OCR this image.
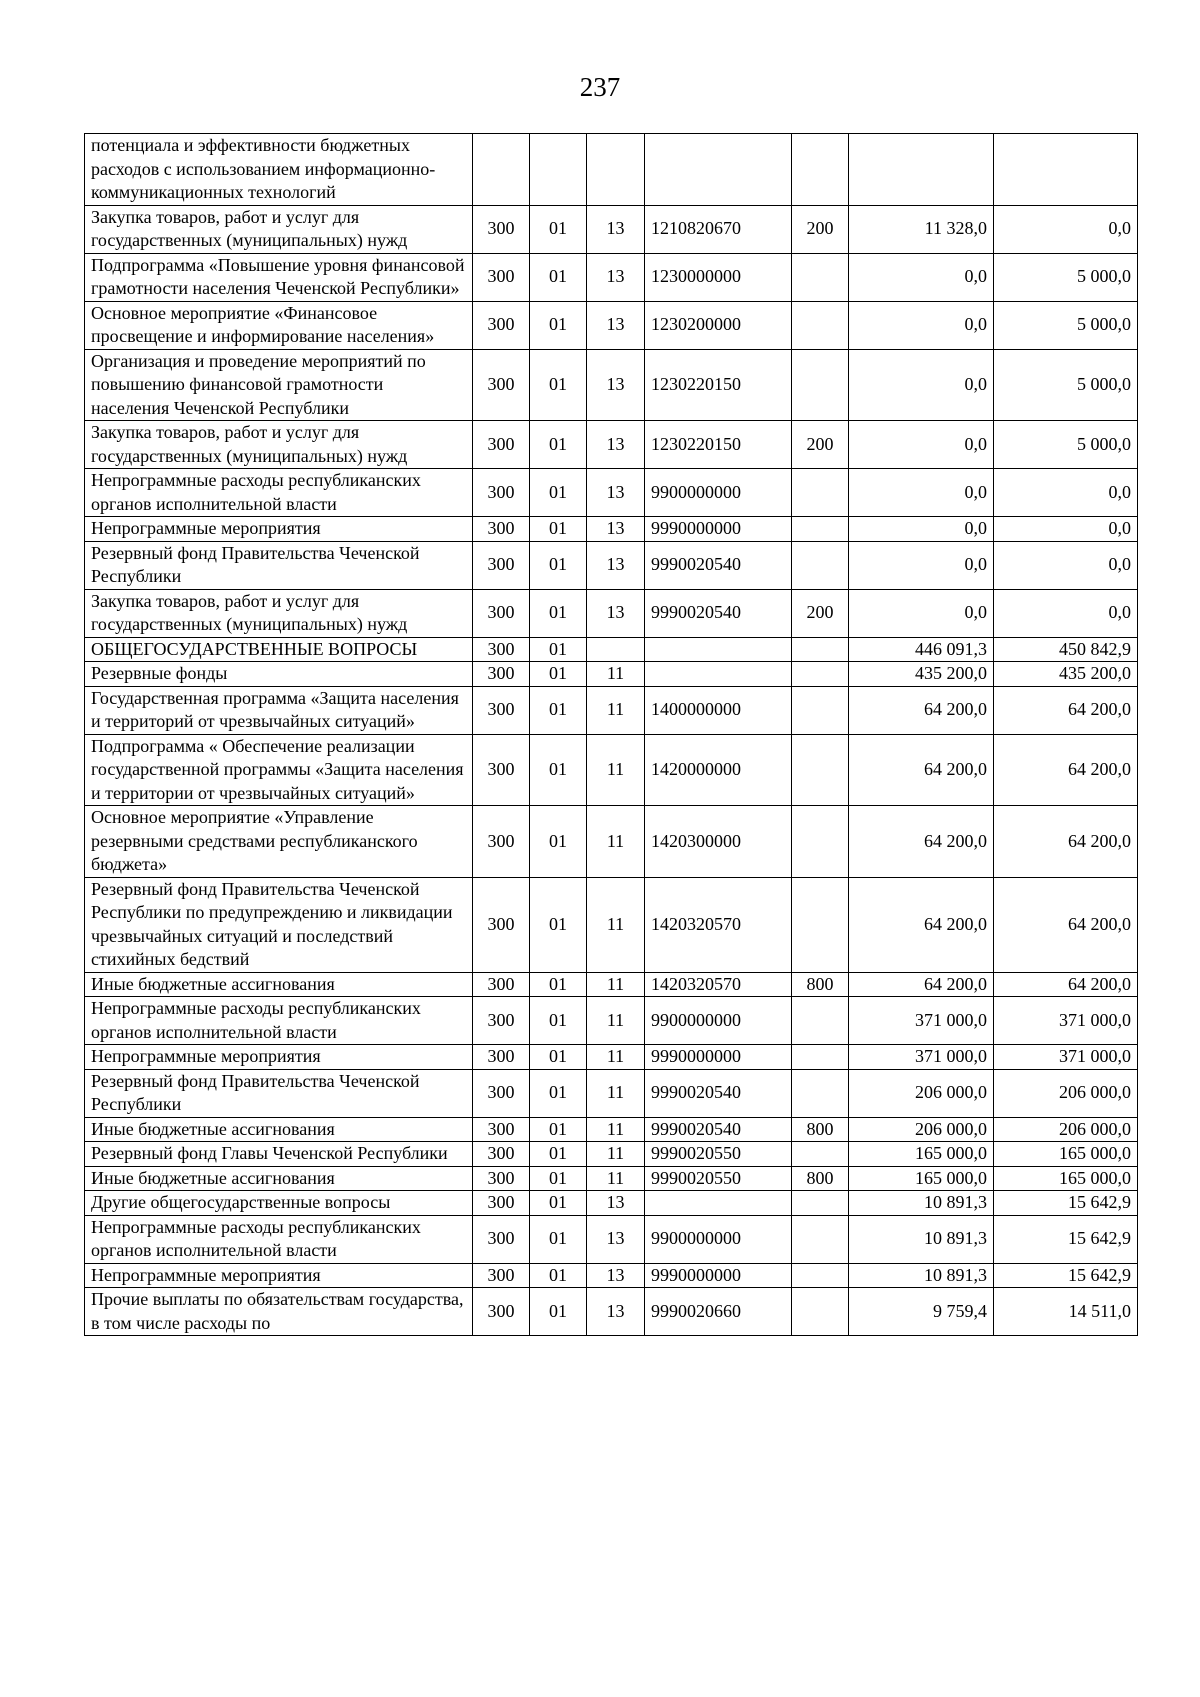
237
потенциала и эффективности бюджетных расходов с использованием информационно-коммуникационных технологий							
Закупка товаров, работ и услуг для государственных (муниципальных) нужд	300	01	13	1210820670	200	11 328,0	0,0
Подпрограмма «Повышение уровня финансовой грамотности населения Чеченской Республики»	300	01	13	1230000000		0,0	5 000,0
Основное мероприятие «Финансовое просвещение и информирование населения»	300	01	13	1230200000		0,0	5 000,0
Организация и проведение мероприятий по повышению финансовой грамотности населения Чеченской Республики	300	01	13	1230220150		0,0	5 000,0
Закупка товаров, работ и услуг для государственных (муниципальных) нужд	300	01	13	1230220150	200	0,0	5 000,0
Непрограммные расходы республиканских органов исполнительной власти	300	01	13	9900000000		0,0	0,0
Непрограммные мероприятия	300	01	13	9990000000		0,0	0,0
Резервный фонд Правительства Чеченской Республики	300	01	13	9990020540		0,0	0,0
Закупка товаров, работ и услуг для государственных (муниципальных) нужд	300	01	13	9990020540	200	0,0	0,0
ОБЩЕГОСУДАРСТВЕННЫЕ ВОПРОСЫ	300	01				446 091,3	450 842,9
Резервные фонды	300	01	11			435 200,0	435 200,0
Государственная программа «Защита населения и территорий от чрезвычайных ситуаций»	300	01	11	1400000000		64 200,0	64 200,0
Подпрограмма « Обеспечение реализации государственной программы «Защита населения и территории от чрезвычайных ситуаций»	300	01	11	1420000000		64 200,0	64 200,0
Основное мероприятие «Управление резервными средствами республиканского бюджета»	300	01	11	1420300000		64 200,0	64 200,0
Резервный фонд Правительства Чеченской Республики по предупреждению и ликвидации чрезвычайных ситуаций и последствий стихийных бедствий	300	01	11	1420320570		64 200,0	64 200,0
Иные бюджетные ассигнования	300	01	11	1420320570	800	64 200,0	64 200,0
Непрограммные расходы республиканских органов исполнительной власти	300	01	11	9900000000		371 000,0	371 000,0
Непрограммные мероприятия	300	01	11	9990000000		371 000,0	371 000,0
Резервный фонд Правительства Чеченской Республики	300	01	11	9990020540		206 000,0	206 000,0
Иные бюджетные ассигнования	300	01	11	9990020540	800	206 000,0	206 000,0
Резервный фонд Главы Чеченской Республики	300	01	11	9990020550		165 000,0	165 000,0
Иные бюджетные ассигнования	300	01	11	9990020550	800	165 000,0	165 000,0
Другие общегосударственные вопросы	300	01	13			10 891,3	15 642,9
Непрограммные расходы республиканских органов исполнительной власти	300	01	13	9900000000		10 891,3	15 642,9
Непрограммные мероприятия	300	01	13	9990000000		10 891,3	15 642,9
Прочие выплаты по обязательствам государства, в том числе расходы по	300	01	13	9990020660		9 759,4	14 511,0
